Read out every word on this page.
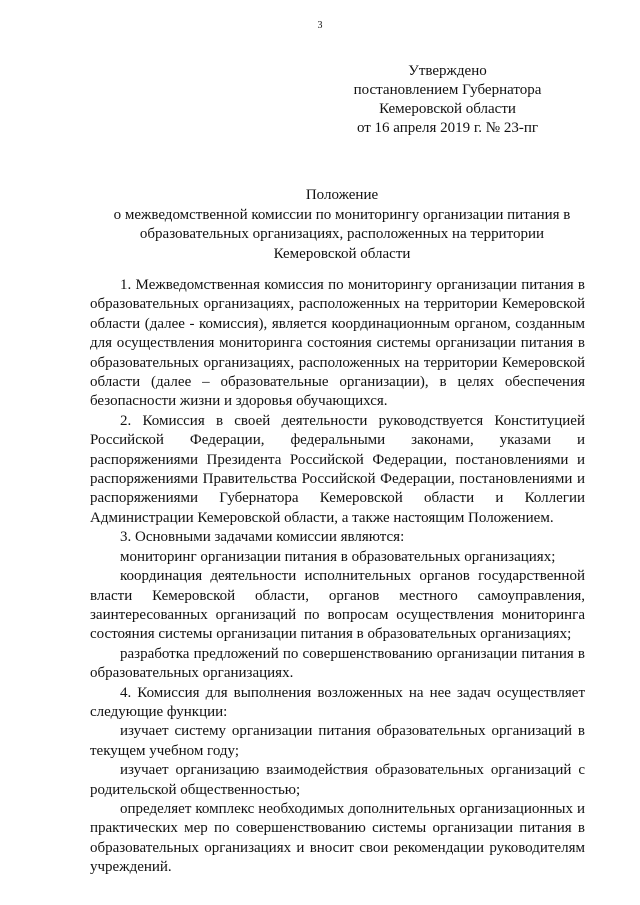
3
Утверждено
постановлением Губернатора
Кемеровской области
от 16 апреля 2019 г. № 23-пг
Положение
о межведомственной комиссии по мониторингу организации питания в
образовательных организациях, расположенных на территории
Кемеровской области

1. Межведомственная комиссия по мониторингу организации питания в образовательных организациях, расположенных на территории Кемеровской области (далее - комиссия), является координационным органом, созданным для осуществления мониторинга состояния системы организации питания в образовательных организациях, расположенных на территории Кемеровской области (далее – образовательные организации), в целях обеспечения безопасности жизни и здоровья обучающихся.

2. Комиссия в своей деятельности руководствуется Конституцией Российской Федерации, федеральными законами, указами и распоряжениями Президента Российской Федерации, постановлениями и распоряжениями Правительства Российской Федерации, постановлениями и распоряжениями Губернатора Кемеровской области и Коллегии Администрации Кемеровской области, а также настоящим Положением.

3. Основными задачами комиссии являются:

мониторинг организации питания в образовательных организациях;

координация деятельности исполнительных органов государственной власти Кемеровской области, органов местного самоуправления, заинтересованных организаций по вопросам осуществления мониторинга состояния системы организации питания в образовательных организациях;

разработка предложений по совершенствованию организации питания в образовательных организациях.

4. Комиссия для выполнения возложенных на нее задач осуществляет следующие функции:

изучает систему организации питания образовательных организаций в текущем учебном году;

изучает организацию взаимодействия образовательных организаций с родительской общественностью;

определяет комплекс необходимых дополнительных организационных и практических мер по совершенствованию системы организации питания в образовательных организациях и вносит свои рекомендации руководителям учреждений.
